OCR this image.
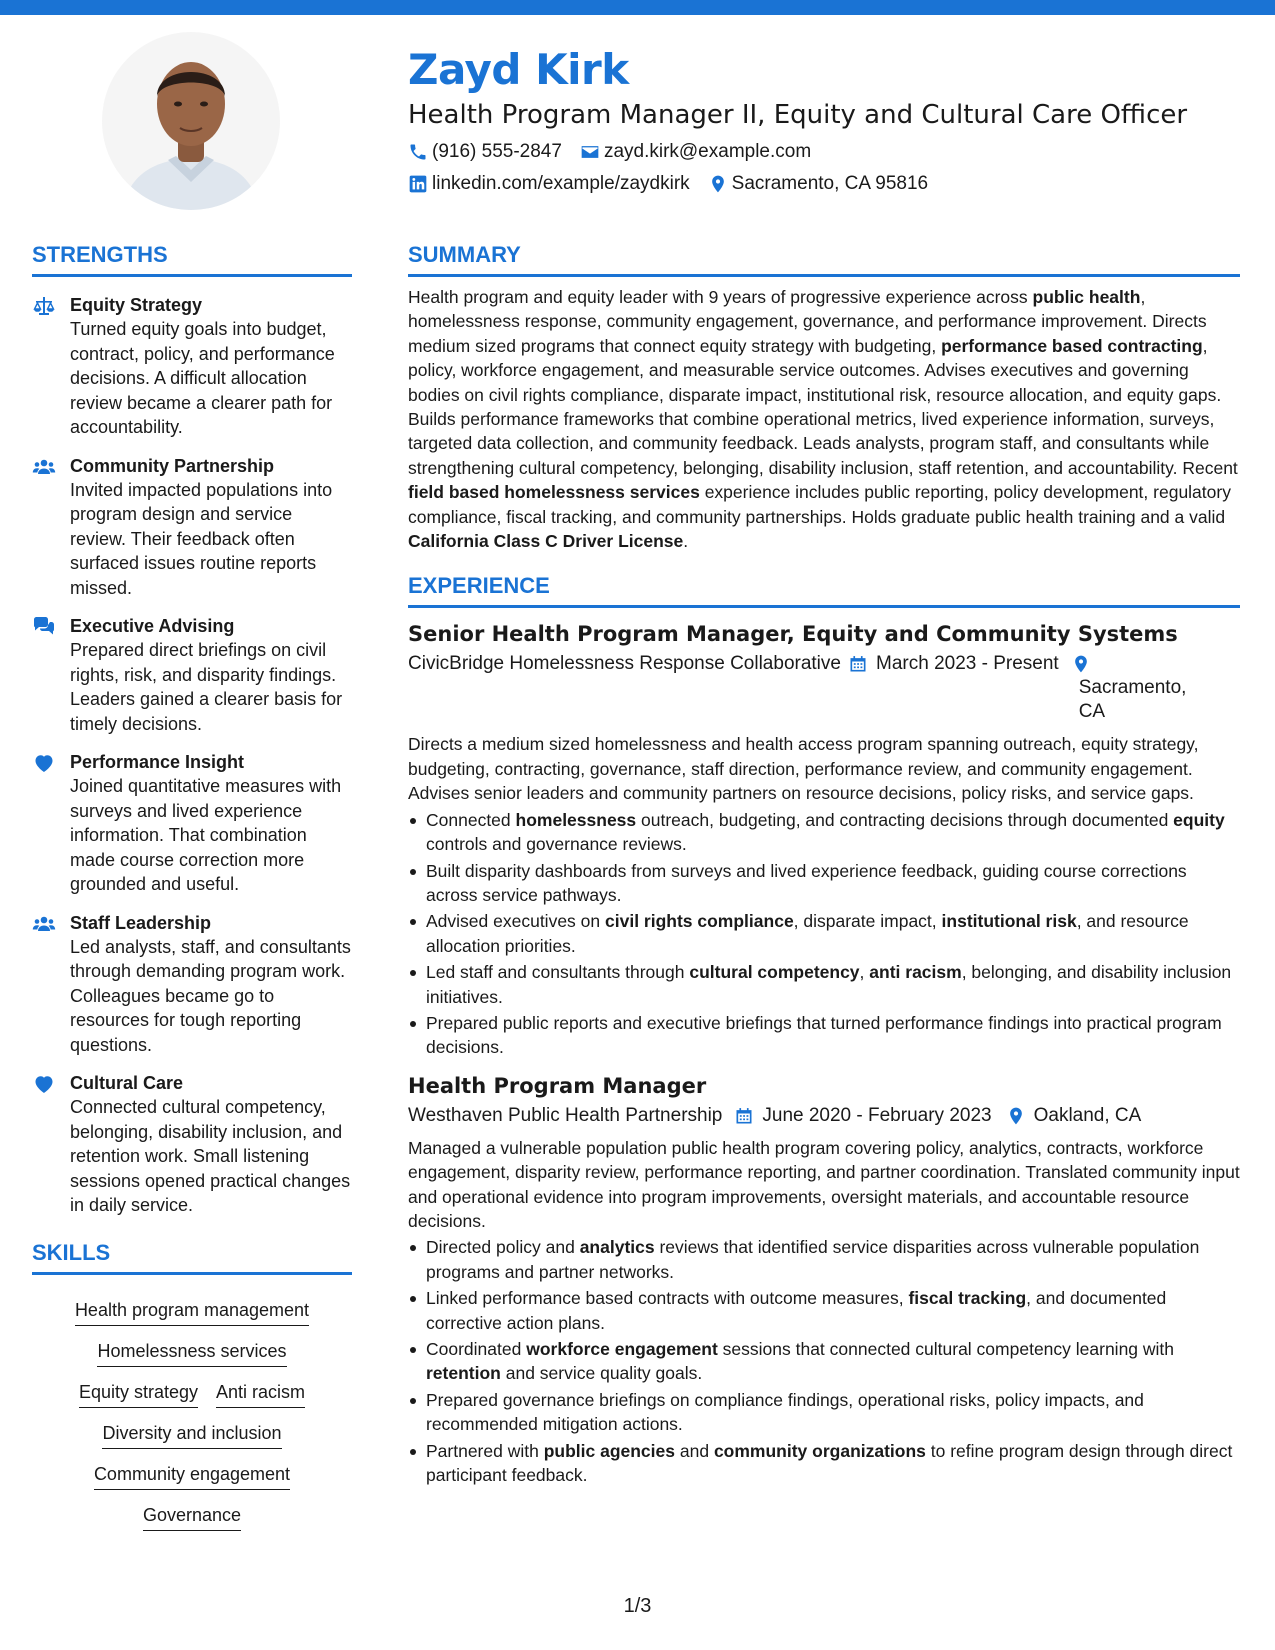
Zayd Kirk
Health Program Manager II, Equity and Cultural Care Officer
(916) 555-2847 zayd.kirk@example.com
linkedin.com/example/zaydkirk Sacramento, CA 95816
STRENGTHS
Equity Strategy
Turned equity goals into budget, contract, policy, and performance decisions. A difficult allocation review became a clearer path for accountability.
Community Partnership
Invited impacted populations into program design and service review. Their feedback often surfaced issues routine reports missed.
Executive Advising
Prepared direct briefings on civil rights, risk, and disparity findings. Leaders gained a clearer basis for timely decisions.
Performance Insight
Joined quantitative measures with surveys and lived experience information. That combination made course correction more grounded and useful.
Staff Leadership
Led analysts, staff, and consultants through demanding program work. Colleagues became go to resources for tough reporting questions.
Cultural Care
Connected cultural competency, belonging, disability inclusion, and retention work. Small listening sessions opened practical changes in daily service.
SKILLS
Health program management
Homelessness services
Equity strategy Anti racism
Diversity and inclusion
Community engagement
Governance
SUMMARY
Health program and equity leader with 9 years of progressive experience across public health, homelessness response, community engagement, governance, and performance improvement. Directs medium sized programs that connect equity strategy with budgeting, performance based contracting, policy, workforce engagement, and measurable service outcomes. Advises executives and governing bodies on civil rights compliance, disparate impact, institutional risk, resource allocation, and equity gaps. Builds performance frameworks that combine operational metrics, lived experience information, surveys, targeted data collection, and community feedback. Leads analysts, program staff, and consultants while strengthening cultural competency, belonging, disability inclusion, staff retention, and accountability. Recent field based homelessness services experience includes public reporting, policy development, regulatory compliance, fiscal tracking, and community partnerships. Holds graduate public health training and a valid California Class C Driver License.
EXPERIENCE
Senior Health Program Manager, Equity and Community Systems
CivicBridge Homelessness Response Collaborative	March 2023 - Present
Sacramento, CA
Directs a medium sized homelessness and health access program spanning outreach, equity strategy, budgeting, contracting, governance, staff direction, performance review, and community engagement. Advises senior leaders and community partners on resource decisions, policy risks, and service gaps.
Connected homelessness outreach, budgeting, and contracting decisions through documented equity controls and governance reviews.
Built disparity dashboards from surveys and lived experience feedback, guiding course corrections across service pathways.
Advised executives on civil rights compliance, disparate impact, institutional risk, and resource allocation priorities.
Led staff and consultants through cultural competency, anti racism, belonging, and disability inclusion initiatives.
Prepared public reports and executive briefings that turned performance findings into practical program decisions.
Health Program Manager
Westhaven Public Health Partnership June 2020 - February 2023 Oakland, CA
Managed a vulnerable population public health program covering policy, analytics, contracts, workforce engagement, disparity review, performance reporting, and partner coordination. Translated community input and operational evidence into program improvements, oversight materials, and accountable resource decisions.
Directed policy and analytics reviews that identified service disparities across vulnerable population programs and partner networks.
Linked performance based contracts with outcome measures, fiscal tracking, and documented corrective action plans.
Coordinated workforce engagement sessions that connected cultural competency learning with retention and service quality goals.
Prepared governance briefings on compliance findings, operational risks, policy impacts, and recommended mitigation actions.
Partnered with public agencies and community organizations to refine program design through direct participant feedback.
1/3
